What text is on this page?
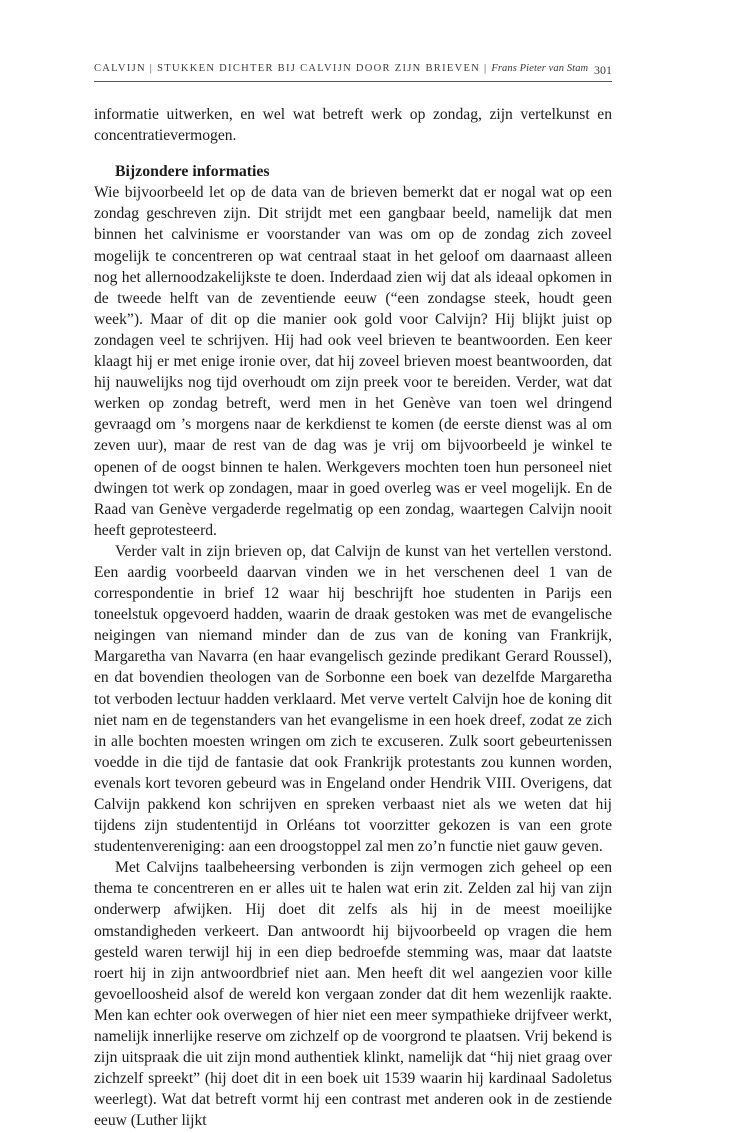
CALVIJN | STUKKEN DICHTER BIJ CALVIJN DOOR ZIJN BRIEVEN | Frans Pieter van Stam 301

informatie uitwerken, en wel wat betreft werk op zondag, zijn vertelkunst en concentratievermogen.

Bijzondere informaties

Wie bijvoorbeeld let op de data van de brieven bemerkt dat er nogal wat op een zondag geschreven zijn. Dit strijdt met een gangbaar beeld, namelijk dat men binnen het calvinisme er voorstander van was om op de zondag zich zoveel mogelijk te concentreren op wat centraal staat in het geloof om daarnaast alleen nog het allernoodzakelijkste te doen. Inderdaad zien wij dat als ideaal opkomen in de tweede helft van de zeventiende eeuw (“een zondagse steek, houdt geen week”). Maar of dit op die manier ook gold voor Calvijn? Hij blijkt juist op zondagen veel te schrijven. Hij had ook veel brieven te beantwoorden. Een keer klaagt hij er met enige ironie over, dat hij zoveel brieven moest beantwoorden, dat hij nauwelijks nog tijd overhoudt om zijn preek voor te bereiden. Verder, wat dat werken op zondag betreft, werd men in het Genève van toen wel dringend gevraagd om ’s morgens naar de kerkdienst te komen (de eerste dienst was al om zeven uur), maar de rest van de dag was je vrij om bijvoorbeeld je winkel te openen of de oogst binnen te halen. Werkgevers mochten toen hun personeel niet dwingen tot werk op zondagen, maar in goed overleg was er veel mogelijk. En de Raad van Genève vergaderde regelmatig op een zondag, waartegen Calvijn nooit heeft geprotesteerd.

Verder valt in zijn brieven op, dat Calvijn de kunst van het vertellen verstond. Een aardig voorbeeld daarvan vinden we in het verschenen deel 1 van de correspondentie in brief 12 waar hij beschrijft hoe studenten in Parijs een toneelstuk opgevoerd hadden, waarin de draak gestoken was met de evangelische neigingen van niemand minder dan de zus van de koning van Frankrijk, Margaretha van Navarra (en haar evangelisch gezinde predikant Gerard Roussel), en dat bovendien theologen van de Sorbonne een boek van dezelfde Margaretha tot verboden lectuur hadden verklaard. Met verve vertelt Calvijn hoe de koning dit niet nam en de tegenstanders van het evangelisme in een hoek dreef, zodat ze zich in alle bochten moesten wringen om zich te excuseren. Zulk soort gebeurtenissen voedde in die tijd de fantasie dat ook Frankrijk protestants zou kunnen worden, evenals kort tevoren gebeurd was in Engeland onder Hendrik VIII. Overigens, dat Calvijn pakkend kon schrijven en spreken verbaast niet als we weten dat hij tijdens zijn studententijd in Orléans tot voorzitter gekozen is van een grote studentenvereniging: aan een droogstoppel zal men zo’n functie niet gauw geven.

Met Calvijns taalbeheersing verbonden is zijn vermogen zich geheel op een thema te concentreren en er alles uit te halen wat erin zit. Zelden zal hij van zijn onderwerp afwijken. Hij doet dit zelfs als hij in de meest moeilijke omstandigheden verkeert. Dan antwoordt hij bijvoorbeeld op vragen die hem gesteld waren terwijl hij in een diep bedroefde stemming was, maar dat laatste roert hij in zijn antwoordbrief niet aan. Men heeft dit wel aangezien voor kille gevoelloosheid alsof de wereld kon vergaan zonder dat dit hem wezenlijk raakte. Men kan echter ook overwegen of hier niet een meer sympathieke drijfveer werkt, namelijk innerlijke reserve om zichzelf op de voorgrond te plaatsen. Vrij bekend is zijn uitspraak die uit zijn mond authentiek klinkt, namelijk dat “hij niet graag over zichzelf spreekt” (hij doet dit in een boek uit 1539 waarin hij kardinaal Sadoletus weerlegt). Wat dat betreft vormt hij een contrast met anderen ook in de zestiende eeuw (Luther lijkt
